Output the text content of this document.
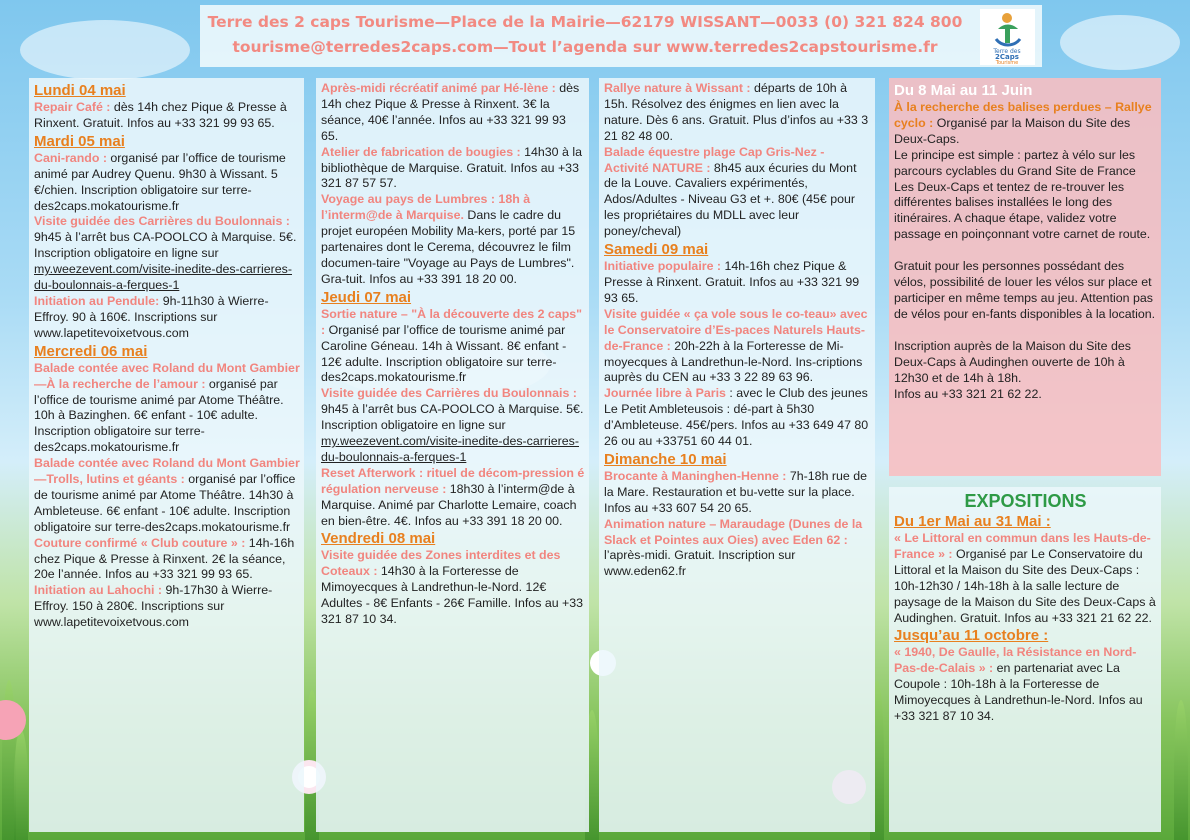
Terre des 2 caps Tourisme—Place de la Mairie—62179 WISSANT—0033 (0) 321 824 800
tourisme@terredes2caps.com—Tout l’agenda sur www.terredes2capstourisme.fr	Terre des
2Caps
Tourisme

Lundi 04 mai

Repair Café : dès 14h chez Pique & Presse à Rinxent. Gratuit. Infos au +33 321 99 93 65.

Mardi 05 mai

Cani-rando : organisé par l’office de tourisme animé par Audrey Quenu. 9h30 à Wissant. 5 €/chien. Inscription obligatoire sur terre-des2caps.mokatourisme.fr

Visite guidée des Carrières du Boulonnais : 9h45 à l’arrêt bus CA-POOLCO à Marquise. 5€. Inscription obligatoire en ligne sur my.weezevent.com/visite-inedite-des-carrieres-du-boulonnais-a-ferques-1

Initiation au Pendule: 9h-11h30 à Wierre-Effroy. 90 à 160€. Inscriptions sur www.lapetitevoixetvous.com

Mercredi 06 mai

Balade contée avec Roland du Mont Gambier—À la recherche de l’amour : organisé par l’office de tourisme animé par Atome Théâtre. 10h à Bazinghen. 6€ enfant - 10€ adulte. Inscription obligatoire sur terre-des2caps.mokatourisme.fr

Balade contée avec Roland du Mont Gambier—Trolls, lutins et géants : organisé par l’office de tourisme animé par Atome Théâtre. 14h30 à Ambleteuse. 6€ enfant - 10€ adulte. Inscription obligatoire sur terre-des2caps.mokatourisme.fr

Couture confirmé « Club couture » : 14h-16h chez Pique & Presse à Rinxent. 2€ la séance, 20e l’année. Infos au +33 321 99 93 65.

Initiation au Lahochi : 9h-17h30 à Wierre-Effroy. 150 à 280€. Inscriptions sur www.lapetitevoixetvous.com

Après-midi récréatif animé par Hé-lène : dès 14h chez Pique & Presse à Rinxent. 3€ la séance, 40€ l’année. Infos au +33 321 99 93 65.

Atelier de fabrication de bougies : 14h30 à la bibliothèque de Marquise. Gratuit. Infos au +33 321 87 57 57.

Voyage au pays de Lumbres : 18h à l’interm@de à Marquise. Dans le cadre du projet européen Mobility Ma-kers, porté par 15 partenaires dont le Cerema, découvrez le film documen-taire "Voyage au Pays de Lumbres". Gra-tuit. Infos au +33 391 18 20 00.

Jeudi 07 mai

Sortie nature – "À la découverte des 2 caps" : Organisé par l’office de tourisme animé par Caroline Géneau. 14h à Wissant. 8€ enfant - 12€ adulte. Inscription obligatoire sur terre-des2caps.mokatourisme.fr

Visite guidée des Carrières du Boulonnais : 9h45 à l’arrêt bus CA-POOLCO à Marquise. 5€. Inscription obligatoire en ligne sur my.weezevent.com/visite-inedite-des-carrieres-du-boulonnais-a-ferques-1

Reset Afterwork : rituel de décom-pression é régulation nerveuse : 18h30 à l’interm@de à Marquise. Animé par Charlotte Lemaire, coach en bien-être. 4€. Infos au +33 391 18 20 00.

Vendredi 08 mai

Visite guidée des Zones interdites et des Coteaux : 14h30 à la Forteresse de Mimoyecques à Landrethun-le-Nord. 12€ Adultes - 8€ Enfants - 26€ Famille. Infos au +33 321 87 10 34.

Rallye nature à Wissant : départs de 10h à 15h. Résolvez des énigmes en lien avec la nature. Dès 6 ans. Gratuit. Plus d’infos au +33 3 21 82 48 00.

Balade équestre plage Cap Gris-Nez - Activité NATURE : 8h45 aux écuries du Mont de la Louve. Cavaliers expérimentés, Ados/Adultes - Niveau G3 et +. 80€ (45€ pour les propriétaires du MDLL avec leur poney/cheval)

Samedi 09 mai

Initiative populaire : 14h-16h chez Pique & Presse à Rinxent. Gratuit. Infos au +33 321 99 93 65.

Visite guidée « ça vole sous le co-teau» avec le Conservatoire d’Es-paces Naturels Hauts-de-France : 20h-22h à la Forteresse de Mi-moyecques à Landrethun-le-Nord. Ins-criptions auprès du CEN au +33 3 22 89 63 96.

Journée libre à Paris : avec le Club des jeunes Le Petit Ambleteusois : dé-part à 5h30 d’Ambleteuse. 45€/pers. Infos au +33 649 47 80 26 ou au +33751 60 44 01.

Dimanche 10 mai

Brocante à Maninghen-Henne : 7h-18h rue de la Mare. Restauration et bu-vette sur la place. Infos au +33 607 54 20 65.

Animation nature – Maraudage (Dunes de la Slack et Pointes aux Oies) avec Eden 62 : l’après-midi. Gratuit. Inscription sur www.eden62.fr

Du 8 Mai au 11 Juin

À la recherche des balises perdues – Rallye cyclo : Organisé par la Maison du Site des Deux-Caps.

Le principe est simple : partez à vélo sur les parcours cyclables du Grand Site de France Les Deux-Caps et tentez de re-trouver les différentes balises installées le long des itinéraires. A chaque étape, validez votre passage en poinçonnant votre carnet de route.

Gratuit pour les personnes possédant des vélos, possibilité de louer les vélos sur place et participer en même temps au jeu. Attention pas de vélos pour en-fants disponibles à la location.

Inscription auprès de la Maison du Site des Deux-Caps à Audinghen ouverte de 10h à 12h30 et de 14h à 18h.

Infos au +33 321 21 62 22.

EXPOSITIONS

Du 1er Mai au 31 Mai :

« Le Littoral en commun dans les Hauts-de-France » : Organisé par Le Conservatoire du Littoral et la Maison du Site des Deux-Caps :

10h-12h30 / 14h-18h à la salle lecture de paysage de la Maison du Site des Deux-Caps à Audinghen. Gratuit. Infos au +33 321 21 62 22.

Jusqu’au 11 octobre :

« 1940, De Gaulle, la Résistance en Nord-Pas-de-Calais » : en partenariat avec La Coupole : 10h-18h à la Forteresse de Mimoyecques à Landrethun-le-Nord. Infos au +33 321 87 10 34.
